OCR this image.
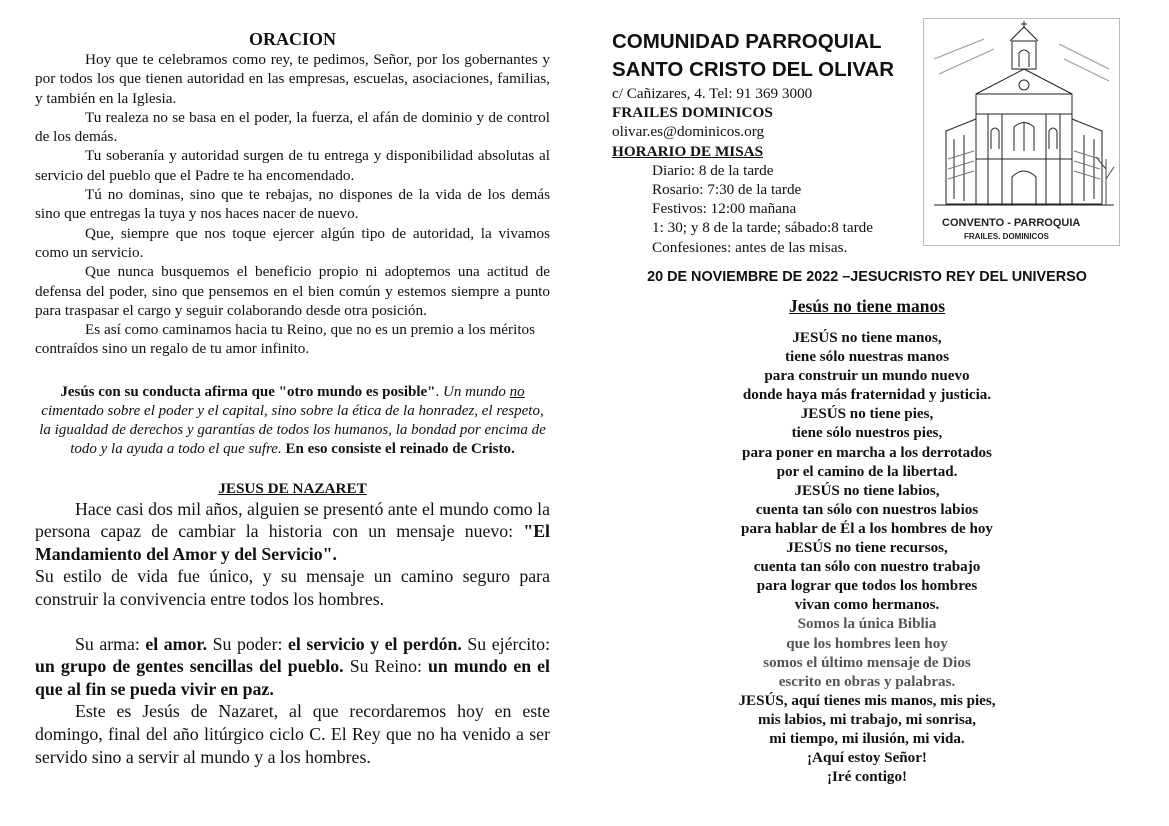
ORACION

Hoy que te celebramos como rey, te pedimos, Señor, por los gobernantes y por todos los que tienen autoridad en las empresas, escuelas, asociaciones, familias, y también en la Iglesia.

Tu realeza no se basa en el poder, la fuerza, el afán de dominio y de control de los demás.

Tu soberanía y autoridad surgen de tu entrega y disponibilidad absolutas al servicio del pueblo que el Padre te ha encomendado.

Tú no dominas, sino que te rebajas, no dispones de la vida de los demás sino que entregas la tuya y nos haces nacer de nuevo.

Que, siempre que nos toque ejercer algún tipo de autoridad, la vivamos como un servicio.

Que nunca busquemos el beneficio propio ni adoptemos una actitud de defensa del poder, sino que pensemos en el bien común y estemos siempre a punto para traspasar el cargo y seguir colaborando desde otra posición.

Es así como caminamos hacia tu Reino, que no es un premio a los méritos contraídos sino un regalo de tu amor infinito.

Jesús con su conducta afirma que "otro mundo es posible". Un mundo no cimentado sobre el poder y el capital, sino sobre la ética de la honradez, el respeto, la igualdad de derechos y garantías de todos los humanos, la bondad por encima de todo y la ayuda a todo el que sufre. En eso consiste el reinado de Cristo.
JESUS DE NAZARET

Hace casi dos mil años, alguien se presentó ante el mundo como la persona capaz de cambiar la historia con un mensaje nuevo: "El Mandamiento del Amor y del Servicio".

Su estilo de vida fue único, y su mensaje un camino seguro para construir la convivencia entre todos los hombres.

Su arma: el amor. Su poder: el servicio y el perdón. Su ejército: un grupo de gentes sencillas del pueblo. Su Reino: un mundo en el que al fin se pueda vivir en paz.

Este es Jesús de Nazaret, al que recordaremos hoy en este domingo, final del año litúrgico ciclo C. El Rey que no ha venido a ser servido sino a servir al mundo y a los hombres.

COMUNIDAD PARROQUIAL
SANTO CRISTO DEL OLIVAR
c/ Cañizares, 4. Tel: 91 369 3000
FRAILES DOMINICOS
olivar.es@dominicos.org
HORARIO DE MISAS
Diario: 8 de la tarde
Rosario: 7:30 de la tarde
Festivos: 12:00 mañana
1: 30; y 8 de la tarde; sábado:8 tarde
Confesiones: antes de las misas.
CONVENTO - PARROQUIA
FRAILES. DOMINICOS
20 DE NOVIEMBRE DE 2022 –JESUCRISTO REY DEL UNIVERSO
Jesús no tiene manos
JESÚS no tiene manos,
tiene sólo nuestras manos
para construir un mundo nuevo
donde haya más fraternidad y justicia.
JESÚS no tiene pies,
tiene sólo nuestros pies,
para poner en marcha a los derrotados
por el camino de la libertad.
JESÚS no tiene labios,
cuenta tan sólo con nuestros labios
para hablar de Él a los hombres de hoy
JESÚS no tiene recursos,
cuenta tan sólo con nuestro trabajo
para lograr que todos los hombres
vivan como hermanos.
Somos la única Biblia
que los hombres leen hoy
somos el último mensaje de Dios
escrito en obras y palabras.
JESÚS, aquí tienes mis manos, mis pies,
mis labios, mi trabajo, mi sonrisa,
mi tiempo, mi ilusión, mi vida.
¡Aquí estoy Señor!
¡Iré contigo!
